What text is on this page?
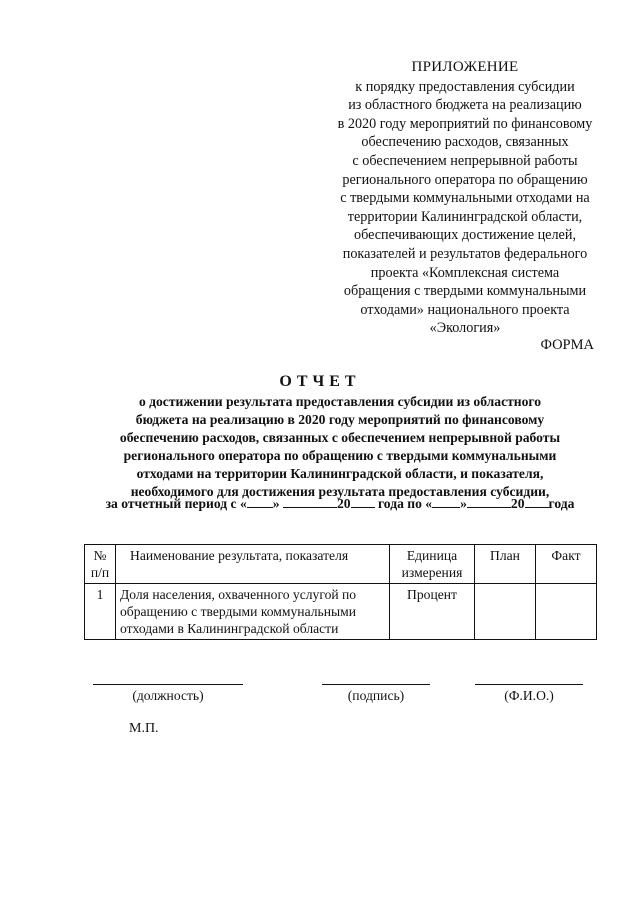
ПРИЛОЖЕНИЕ
к порядку предоставления субсидии
из областного бюджета на реализацию
в 2020 году мероприятий по финансовому
обеспечению расходов, связанных
с обеспечением непрерывной работы
регионального оператора по обращению
с твердыми коммунальными отходами на
территории Калининградской области,
обеспечивающих достижение целей,
показателей и результатов федерального
проекта «Комплексная система
обращения с твердыми коммунальными
отходами» национального проекта
«Экология»
ФОРМА
ОТЧЕТ
о достижении результата предоставления субсидии из областного
бюджета на реализацию в 2020 году мероприятий по финансовому
обеспечению расходов, связанных с обеспечением непрерывной работы
регионального оператора по обращению с твердыми коммунальными
отходами на территории Калининградской области, и показателя,
необходимого для достижения результата предоставления субсидии,
за отчетный период с « »	20 года по « »	20 года
№ п/п	Наименование результата, показателя	Единица измерения	План	Факт
1	Доля населения, охваченного услугой по обращению с твердыми коммунальными отходами в Калининградской области	Процент		
(должность)	(подпись)	(Ф.И.О.)
М.П.
